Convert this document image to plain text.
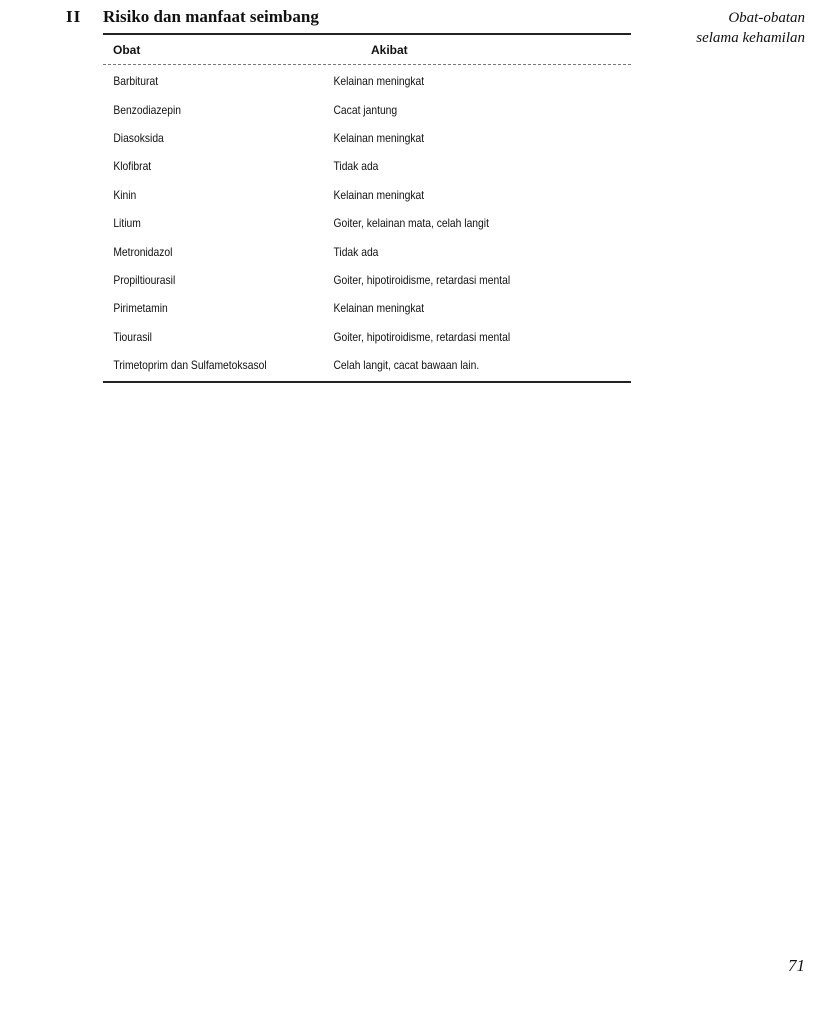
II Risiko dan manfaat seimbang	Obat-obatan
selama kehamilan
Obat	Akibat
Barbiturat	Kelainan meningkat
Benzodiazepin	Cacat jantung
Diasoksida	Kelainan meningkat
Klofibrat	Tidak ada
Kinin	Kelainan meningkat
Litium	Goiter, kelainan mata, celah langit
Metronidazol	Tidak ada
Propiltiourasil	Goiter, hipotiroidisme, retardasi mental
Pirimetamin	Kelainan meningkat
Tiourasil	Goiter, hipotiroidisme, retardasi mental
Trimetoprim dan Sulfametoksasol	Celah langit, cacat bawaan lain.
71
